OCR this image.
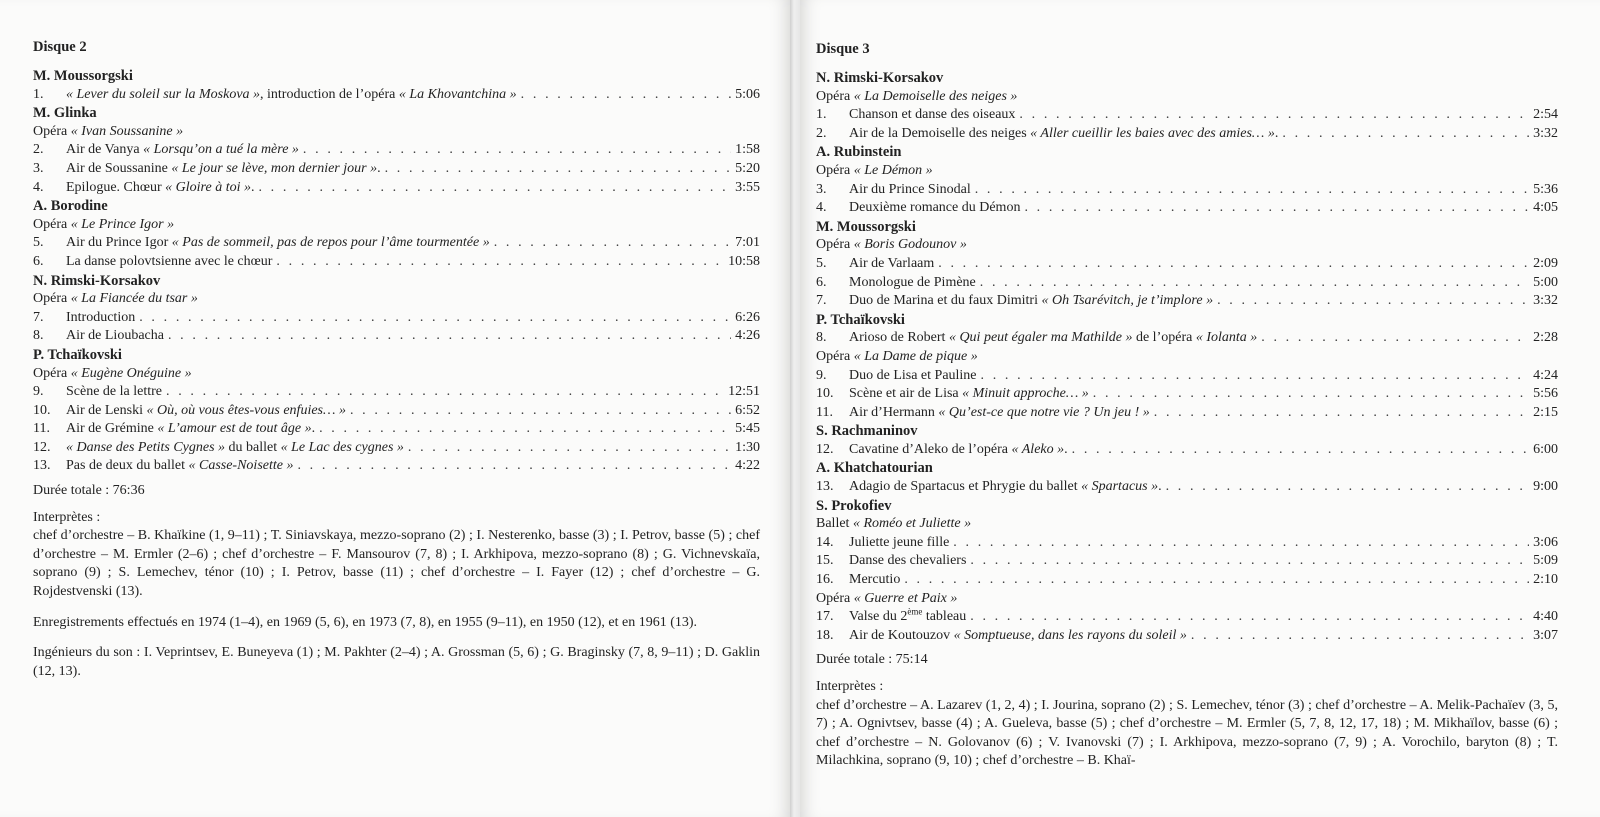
Disque 2
M. Moussorgski
1.	« Lever du soleil sur la Moskova », introduction de l’opéra « La Khovantchina » . . .	5:06
M. Glinka
Opéra « Ivan Soussanine »
2.	Air de Vanya « Lorsqu’on a tué la mère » . . .	1:58
3.	Air de Soussanine « Le jour se lève, mon dernier jour ». . . .	5:20
4.	Epilogue. Chœur « Gloire à toi ». . . .	3:55
A. Borodine
Opéra « Le Prince Igor »
5.	Air du Prince Igor « Pas de sommeil, pas de repos pour l’âme tourmentée » . . .	7:01
6.	La danse polovtsienne avec le chœur . . .	10:58
N. Rimski-Korsakov
Opéra « La Fiancée du tsar »
7.	Introduction . . .	6:26
8.	Air de Lioubacha . . .	4:26
P. Tchaïkovski
Opéra « Eugène Onéguine »
9.	Scène de la lettre . . .	12:51
10.	Air de Lenski « Où, où vous êtes-vous enfuies… » . . .	6:52
11.	Air de Grémine « L’amour est de tout âge ». . . .	5:45
12.	« Danse des Petits Cygnes » du ballet « Le Lac des cygnes » . . .	1:30
13.	Pas de deux du ballet « Casse-Noisette » . . .	4:22
Durée totale : 76:36
Interprètes :
chef d’orchestre – B. Khaïkine (1, 9–11) ; T. Siniavskaya, mezzo-soprano (2) ; I. Nesterenko, basse (3) ; I. Petrov, basse (5) ; chef d’orchestre – M. Ermler (2–6) ; chef d’orchestre – F. Mansourov (7, 8) ; I. Arkhipova, mezzo-soprano (8) ; G. Vichnevskaïa, soprano (9) ; S. Lemechev, ténor (10) ; I. Petrov, basse (11) ; chef d’orchestre – I. Fayer (12) ; chef d’orchestre – G. Rojdestvenski (13).
Enregistrements effectués en 1974 (1–4), en 1969 (5, 6), en 1973 (7, 8), en 1955 (9–11), en 1950 (12), et en 1961 (13).
Ingénieurs du son : I. Veprintsev, E. Buneyeva (1) ; M. Pakhter (2–4) ; A. Grossman (5, 6) ; G. Braginsky (7, 8, 9–11) ; D. Gaklin (12, 13).
Disque 3
N. Rimski-Korsakov
Opéra « La Demoiselle des neiges »
1.	Chanson et danse des oiseaux . . .	2:54
2.	Air de la Demoiselle des neiges « Aller cueillir les baies avec des amies… ». . . .	3:32
A. Rubinstein
Opéra « Le Démon »
3.	Air du Prince Sinodal . . .	5:36
4.	Deuxième romance du Démon . . .	4:05
M. Moussorgski
Opéra « Boris Godounov »
5.	Air de Varlaam . . .	2:09
6.	Monologue de Pimène . . .	5:00
7.	Duo de Marina et du faux Dimitri « Oh Tsarévitch, je t’implore » . . .	3:32
P. Tchaïkovski
8.	Arioso de Robert « Qui peut égaler ma Mathilde » de l’opéra « Iolanta » . . .	2:28
Opéra « La Dame de pique »
9.	Duo de Lisa et Pauline . . .	4:24
10.	Scène et air de Lisa « Minuit approche… » . . .	5:56
11.	Air d’Hermann « Qu’est-ce que notre vie ? Un jeu ! » . . .	2:15
S. Rachmaninov
12.	Cavatine d’Aleko de l’opéra « Aleko ». . . .	6:00
A. Khatchatourian
13.	Adagio de Spartacus et Phrygie du ballet « Spartacus ». . . .	9:00
S. Prokofiev
Ballet « Roméo et Juliette »
14.	Juliette jeune fille . . .	3:06
15.	Danse des chevaliers . . .	5:09
16.	Mercutio . . .	2:10
Opéra « Guerre et Paix »
17.	Valse du 2ème tableau . . .	4:40
18.	Air de Koutouzov « Somptueuse, dans les rayons du soleil » . . .	3:07
Durée totale : 75:14
Interprètes :
chef d’orchestre – A. Lazarev (1, 2, 4) ; I. Jourina, soprano (2) ; S. Lemechev, ténor (3) ; chef d’orchestre – A. Melik-Pachaïev (3, 5, 7) ; A. Ognivtsev, basse (4) ; A. Gueleva, basse (5) ; chef d’orchestre – M. Ermler (5, 7, 8, 12, 17, 18) ; M. Mikhaïlov, basse (6) ; chef d’orchestre – N. Golovanov (6) ; V. Ivanovski (7) ; I. Arkhipova, mezzo-soprano (7, 9) ; A. Vorochilo, baryton (8) ; T. Milachkina, soprano (9, 10) ; chef d’orchestre – B. Khaï-
